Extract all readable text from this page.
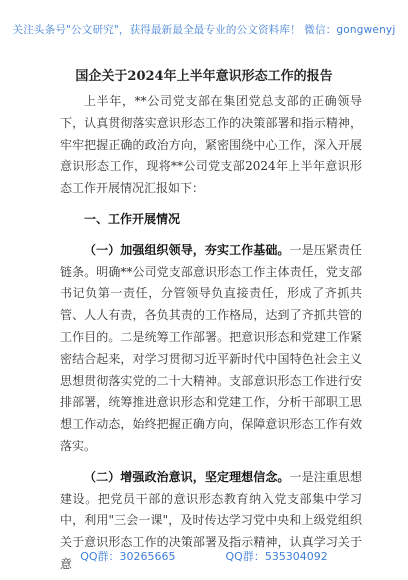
关注头条号"公文研究"，获得最新最全最专业的公文资料库！ 微信：gongwenyj
国企关于2024年上半年意识形态工作的报告

上半年，**公司党支部在集团党总支部的正确领导下，认真贯彻落实意识形态工作的决策部署和指示精神，牢牢把握正确的政治方向，紧密围绕中心工作，深入开展意识形态工作，现将**公司党支部2024年上半年意识形态工作开展情况汇报如下：

一、工作开展情况

（一）加强组织领导，夯实工作基础。一是压紧责任链条。明确**公司党支部意识形态工作主体责任，党支部书记负第一责任，分管领导负直接责任，形成了齐抓共管、人人有责，各负其责的工作格局，达到了齐抓共管的工作目的。二是统筹工作部署。把意识形态和党建工作紧密结合起来，对学习贯彻习近平新时代中国特色社会主义思想贯彻落实党的二十大精神。支部意识形态工作进行安排部署，统筹推进意识形态和党建工作，分析干部职工思想工作动态，始终把握正确方向，保障意识形态工作有效落实。

（二）增强政治意识，坚定理想信念。一是注重思想建设。把党员干部的意识形态教育纳入党支部集中学习中，利用"三会一课"，及时传达学习党中央和上级党组织关于意识形态工作的决策部署及指示精神，认真学习关于意

QQ群：30265665	QQ群：535304092
